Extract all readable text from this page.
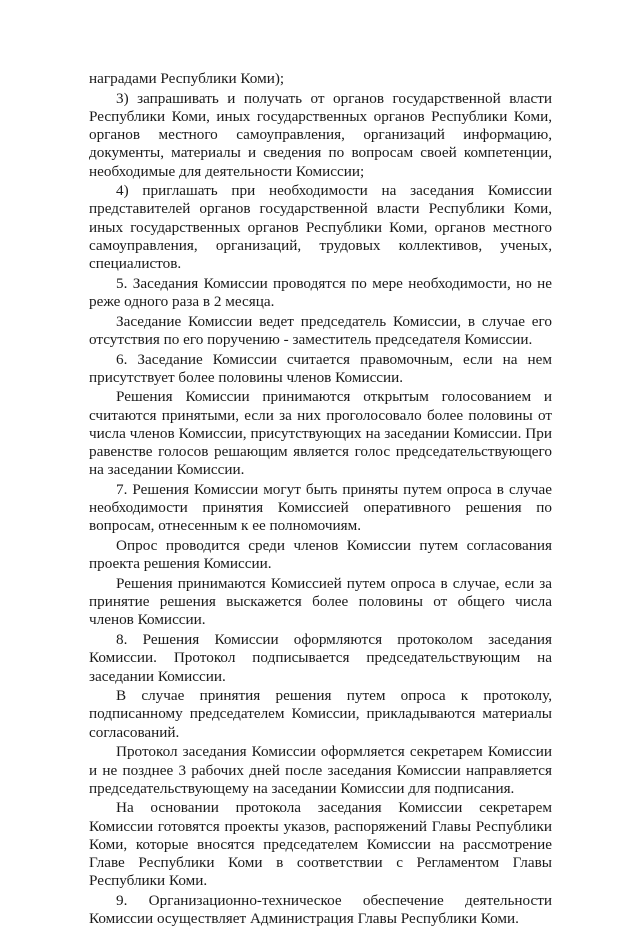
наградами Республики Коми);

3) запрашивать и получать от органов государственной власти Республики Коми, иных государственных органов Республики Коми, органов местного самоуправления, организаций информацию, документы, материалы и сведения по вопросам своей компетенции, необходимые для деятельности Комиссии;

4) приглашать при необходимости на заседания Комиссии представителей органов государственной власти Республики Коми, иных государственных органов Республики Коми, органов местного самоуправления, организаций, трудовых коллективов, ученых, специалистов.

5. Заседания Комиссии проводятся по мере необходимости, но не реже одного раза в 2 месяца.

Заседание Комиссии ведет председатель Комиссии, в случае его отсутствия по его поручению - заместитель председателя Комиссии.

6. Заседание Комиссии считается правомочным, если на нем присутствует более половины членов Комиссии.

Решения Комиссии принимаются открытым голосованием и считаются принятыми, если за них проголосовало более половины от числа членов Комиссии, присутствующих на заседании Комиссии. При равенстве голосов решающим является голос председательствующего на заседании Комиссии.

7. Решения Комиссии могут быть приняты путем опроса в случае необходимости принятия Комиссией оперативного решения по вопросам, отнесенным к ее полномочиям.

Опрос проводится среди членов Комиссии путем согласования проекта решения Комиссии.

Решения принимаются Комиссией путем опроса в случае, если за принятие решения выскажется более половины от общего числа членов Комиссии.

8. Решения Комиссии оформляются протоколом заседания Комиссии. Протокол подписывается председательствующим на заседании Комиссии.

В случае принятия решения путем опроса к протоколу, подписанному председателем Комиссии, прикладываются материалы согласований.

Протокол заседания Комиссии оформляется секретарем Комиссии и не позднее 3 рабочих дней после заседания Комиссии направляется председательствующему на заседании Комиссии для подписания.

На основании протокола заседания Комиссии секретарем Комиссии готовятся проекты указов, распоряжений Главы Республики Коми, которые вносятся председателем Комиссии на рассмотрение Главе Республики Коми в соответствии с Регламентом Главы Республики Коми.

9. Организационно-техническое обеспечение деятельности Комиссии осуществляет Администрация Главы Республики Коми.
